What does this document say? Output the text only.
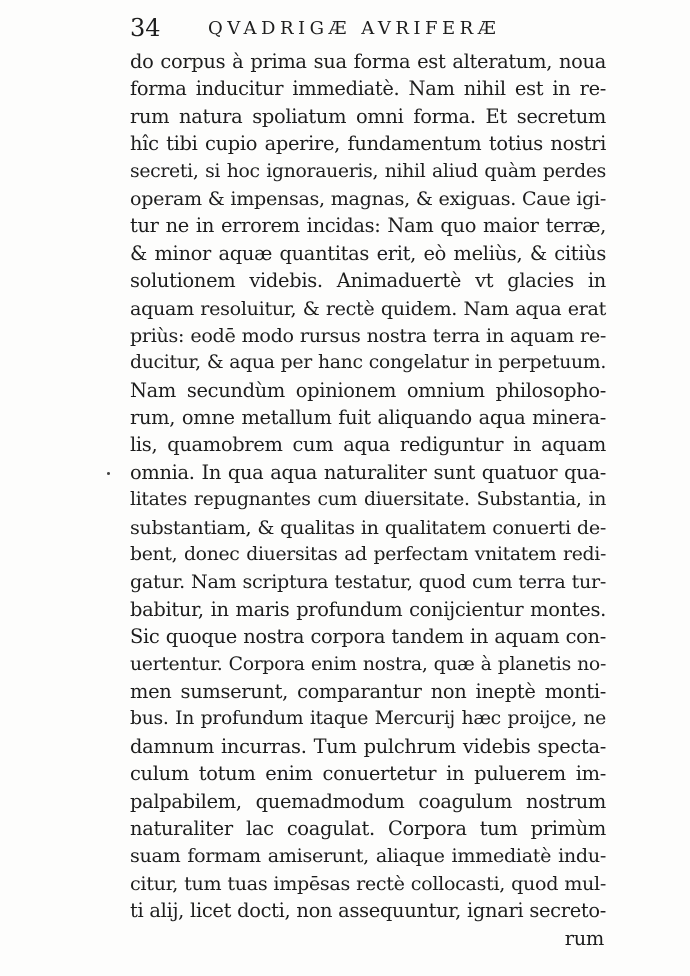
34	QVADRIGÆ AVRIFERÆ
do corpus à prima sua forma est alteratum, noua
forma inducitur immediatè. Nam nihil est in re-
rum natura spoliatum omni forma. Et secretum
hîc tibi cupio aperire, fundamentum totius nostri
secreti, si hoc ignoraueris, nihil aliud quàm perdes
operam & impensas, magnas, & exiguas. Caue igi-
tur ne in errorem incidas: Nam quo maior terræ,
& minor aquæ quantitas erit, eò meliùs, & citiùs
solutionem videbis. Animaduertè vt glacies in
aquam resoluitur, & rectè quidem. Nam aqua erat
priùs: eodē modo rursus nostra terra in aquam re-
ducitur, & aqua per hanc congelatur in perpetuum.
Nam secundùm opinionem omnium philosopho-
rum, omne metallum fuit aliquando aqua minera-
lis, quamobrem cum aqua rediguntur in aquam
omnia. In qua aqua naturaliter sunt quatuor qua-
litates repugnantes cum diuersitate. Substantia, in
substantiam, & qualitas in qualitatem conuerti de-
bent, donec diuersitas ad perfectam vnitatem redi-
gatur. Nam scriptura testatur, quod cum terra tur-
babitur, in maris profundum conijcientur montes.
Sic quoque nostra corpora tandem in aquam con-
uertentur. Corpora enim nostra, quæ à planetis no-
men sumserunt, comparantur non ineptè monti-
bus. In profundum itaque Mercurij hæc proijce, ne
damnum incurras. Tum pulchrum videbis specta-
culum totum enim conuertetur in puluerem im-
palpabilem, quemadmodum coagulum nostrum
naturaliter lac coagulat. Corpora tum primùm
suam formam amiserunt, aliaque immediatè indu-
citur, tum tuas impēsas rectè collocasti, quod mul-
ti alij, licet docti, non assequuntur, ignari secreto-
rum
